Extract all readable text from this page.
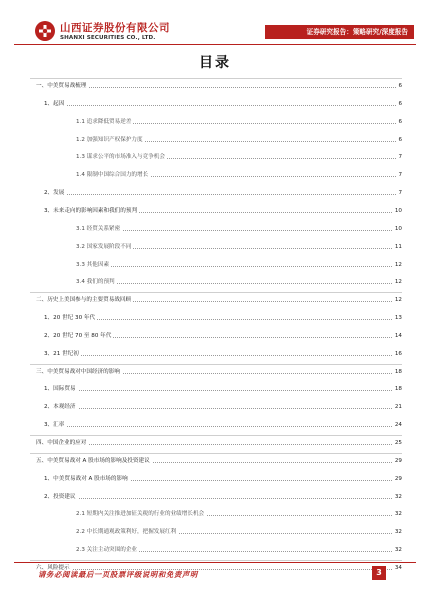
山西证券股份有限公司
SHANXI SECURITIES CO., LTD.
证券研究报告：策略研究/深度报告
目录
一、中美贸易战梳理	6
1、起因	6
1.1 追求降低贸易逆差	6
1.2 加强知识产权保护力度	6
1.3 谋求公平的市场准入与竞争机会	7
1.4 限制中国综合国力的增长	7
2、发展	7
3、未来走向的影响因素和我们的预判	10
3.1 经贸关系紧密	10
3.2 国家发展阶段不同	11
3.3 其他因素	12
3.4 我们的预判	12
二、历史上美国参与的主要贸易战回顾	12
1、20 世纪 30 年代	13
2、20 世纪 70 至 80 年代	14
3、21 世纪初	16
三、中美贸易战对中国经济的影响	18
1、国际贸易	18
2、本观经济	21
3、汇率	24
四、中国企业的应对	25
五、中美贸易战对 A 股市场的影响及投资建议	29
1、中美贸易战对 A 股市场的影响	29
2、投资建议	32
2.1 短期内关注推进加征关税的行业的业绩增长机会	32
2.2 中长期通观政策利好，把握发展红利	32
2.3 关注主动突围的企业	32
六、风险提示	34
请务必阅读最后一页股票评级说明和免责声明	3
